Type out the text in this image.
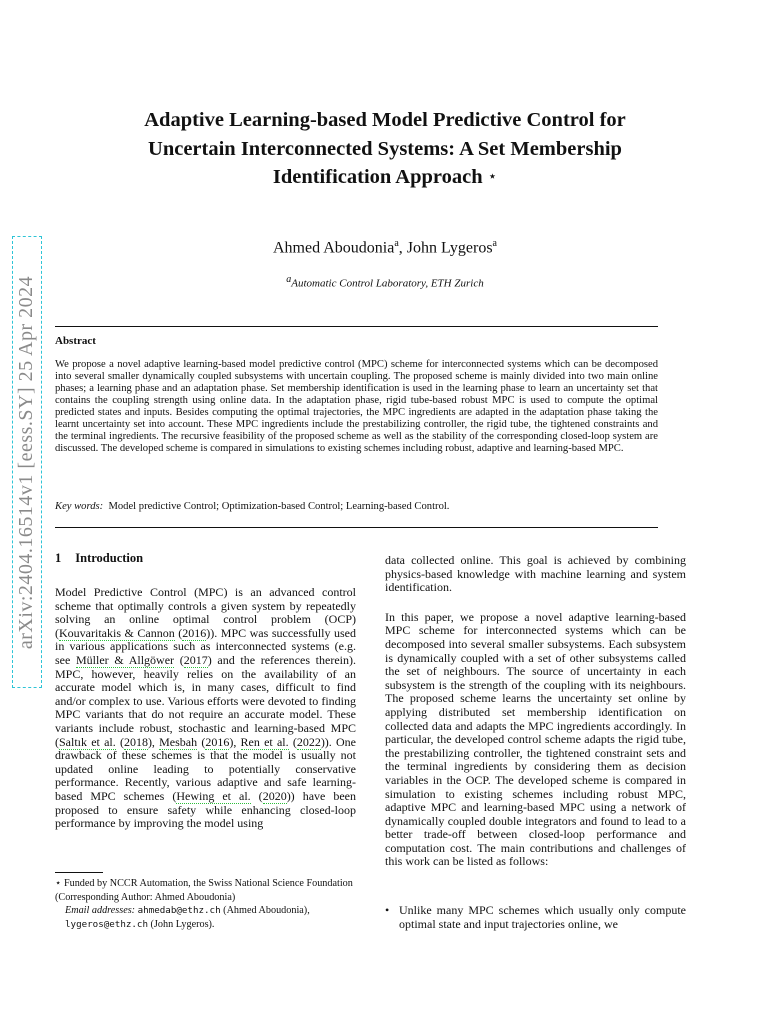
arXiv:2404.16514v1 [eess.SY] 25 Apr 2024
Adaptive Learning-based Model Predictive Control for
Uncertain Interconnected Systems: A Set Membership
Identification Approach ⋆
Ahmed Aboudonia$^a$, John Lygeros$^a$
$^a$Automatic Control Laboratory, ETH Zurich
Abstract
We propose a novel adaptive learning-based model predictive control (MPC) scheme for interconnected systems which can be decomposed into several smaller dynamically coupled subsystems with uncertain coupling. The proposed scheme is mainly divided into two main online phases; a learning phase and an adaptation phase. Set membership identification is used in the learning phase to learn an uncertainty set that contains the coupling strength using online data. In the adaptation phase, rigid tube-based robust MPC is used to compute the optimal predicted states and inputs. Besides computing the optimal trajectories, the MPC ingredients are adapted in the adaptation phase taking the learnt uncertainty set into account. These MPC ingredients include the prestabilizing controller, the rigid tube, the tightened constraints and the terminal ingredients. The recursive feasibility of the proposed scheme as well as the stability of the corresponding closed-loop system are discussed. The developed scheme is compared in simulations to existing schemes including robust, adaptive and learning-based MPC.
Key words: Model predictive Control; Optimization-based Control; Learning-based Control.
1 Introduction
Model Predictive Control (MPC) is an advanced control scheme that optimally controls a given system by repeatedly solving an online optimal control problem (OCP) (Kouvaritakis & Cannon (2016)). MPC was successfully used in various applications such as interconnected systems (e.g. see Müller & Allgöwer (2017) and the references therein). MPC, however, heavily relies on the availability of an accurate model which is, in many cases, difficult to find and/or complex to use. Various efforts were devoted to finding MPC variants that do not require an accurate model. These variants include robust, stochastic and learning-based MPC (Saltık et al. (2018), Mesbah (2016), Ren et al. (2022)). One drawback of these schemes is that the model is usually not updated online leading to potentially conservative performance. Recently, various adaptive and safe learning-based MPC schemes (Hewing et al. (2020)) have been proposed to ensure safety while enhancing closed-loop performance by improving the model using

data collected online. This goal is achieved by combining physics-based knowledge with machine learning and system identification.

In this paper, we propose a novel adaptive learning-based MPC scheme for interconnected systems which can be decomposed into several smaller subsystems. Each subsystem is dynamically coupled with a set of other subsystems called the set of neighbours. The source of uncertainty in each subsystem is the strength of the coupling with its neighbours. The proposed scheme learns the uncertainty set online by applying distributed set membership identification on collected data and adapts the MPC ingredients accordingly. In particular, the developed control scheme adapts the rigid tube, the prestabilizing controller, the tightened constraint sets and the terminal ingredients by considering them as decision variables in the OCP. The developed scheme is compared in simulation to existing schemes including robust MPC, adaptive MPC and learning-based MPC using a network of dynamically coupled double integrators and found to lead to a better trade-off between closed-loop performance and computation cost. The main contributions and challenges of this work can be listed as follows:

• Unlike many MPC schemes which usually only compute optimal state and input trajectories online, we
⋆ Funded by NCCR Automation, the Swiss National Science Foundation (Corresponding Author: Ahmed Aboudonia)
Email addresses: ahmedab@ethz.ch (Ahmed Aboudonia), lygeros@ethz.ch (John Lygeros).
